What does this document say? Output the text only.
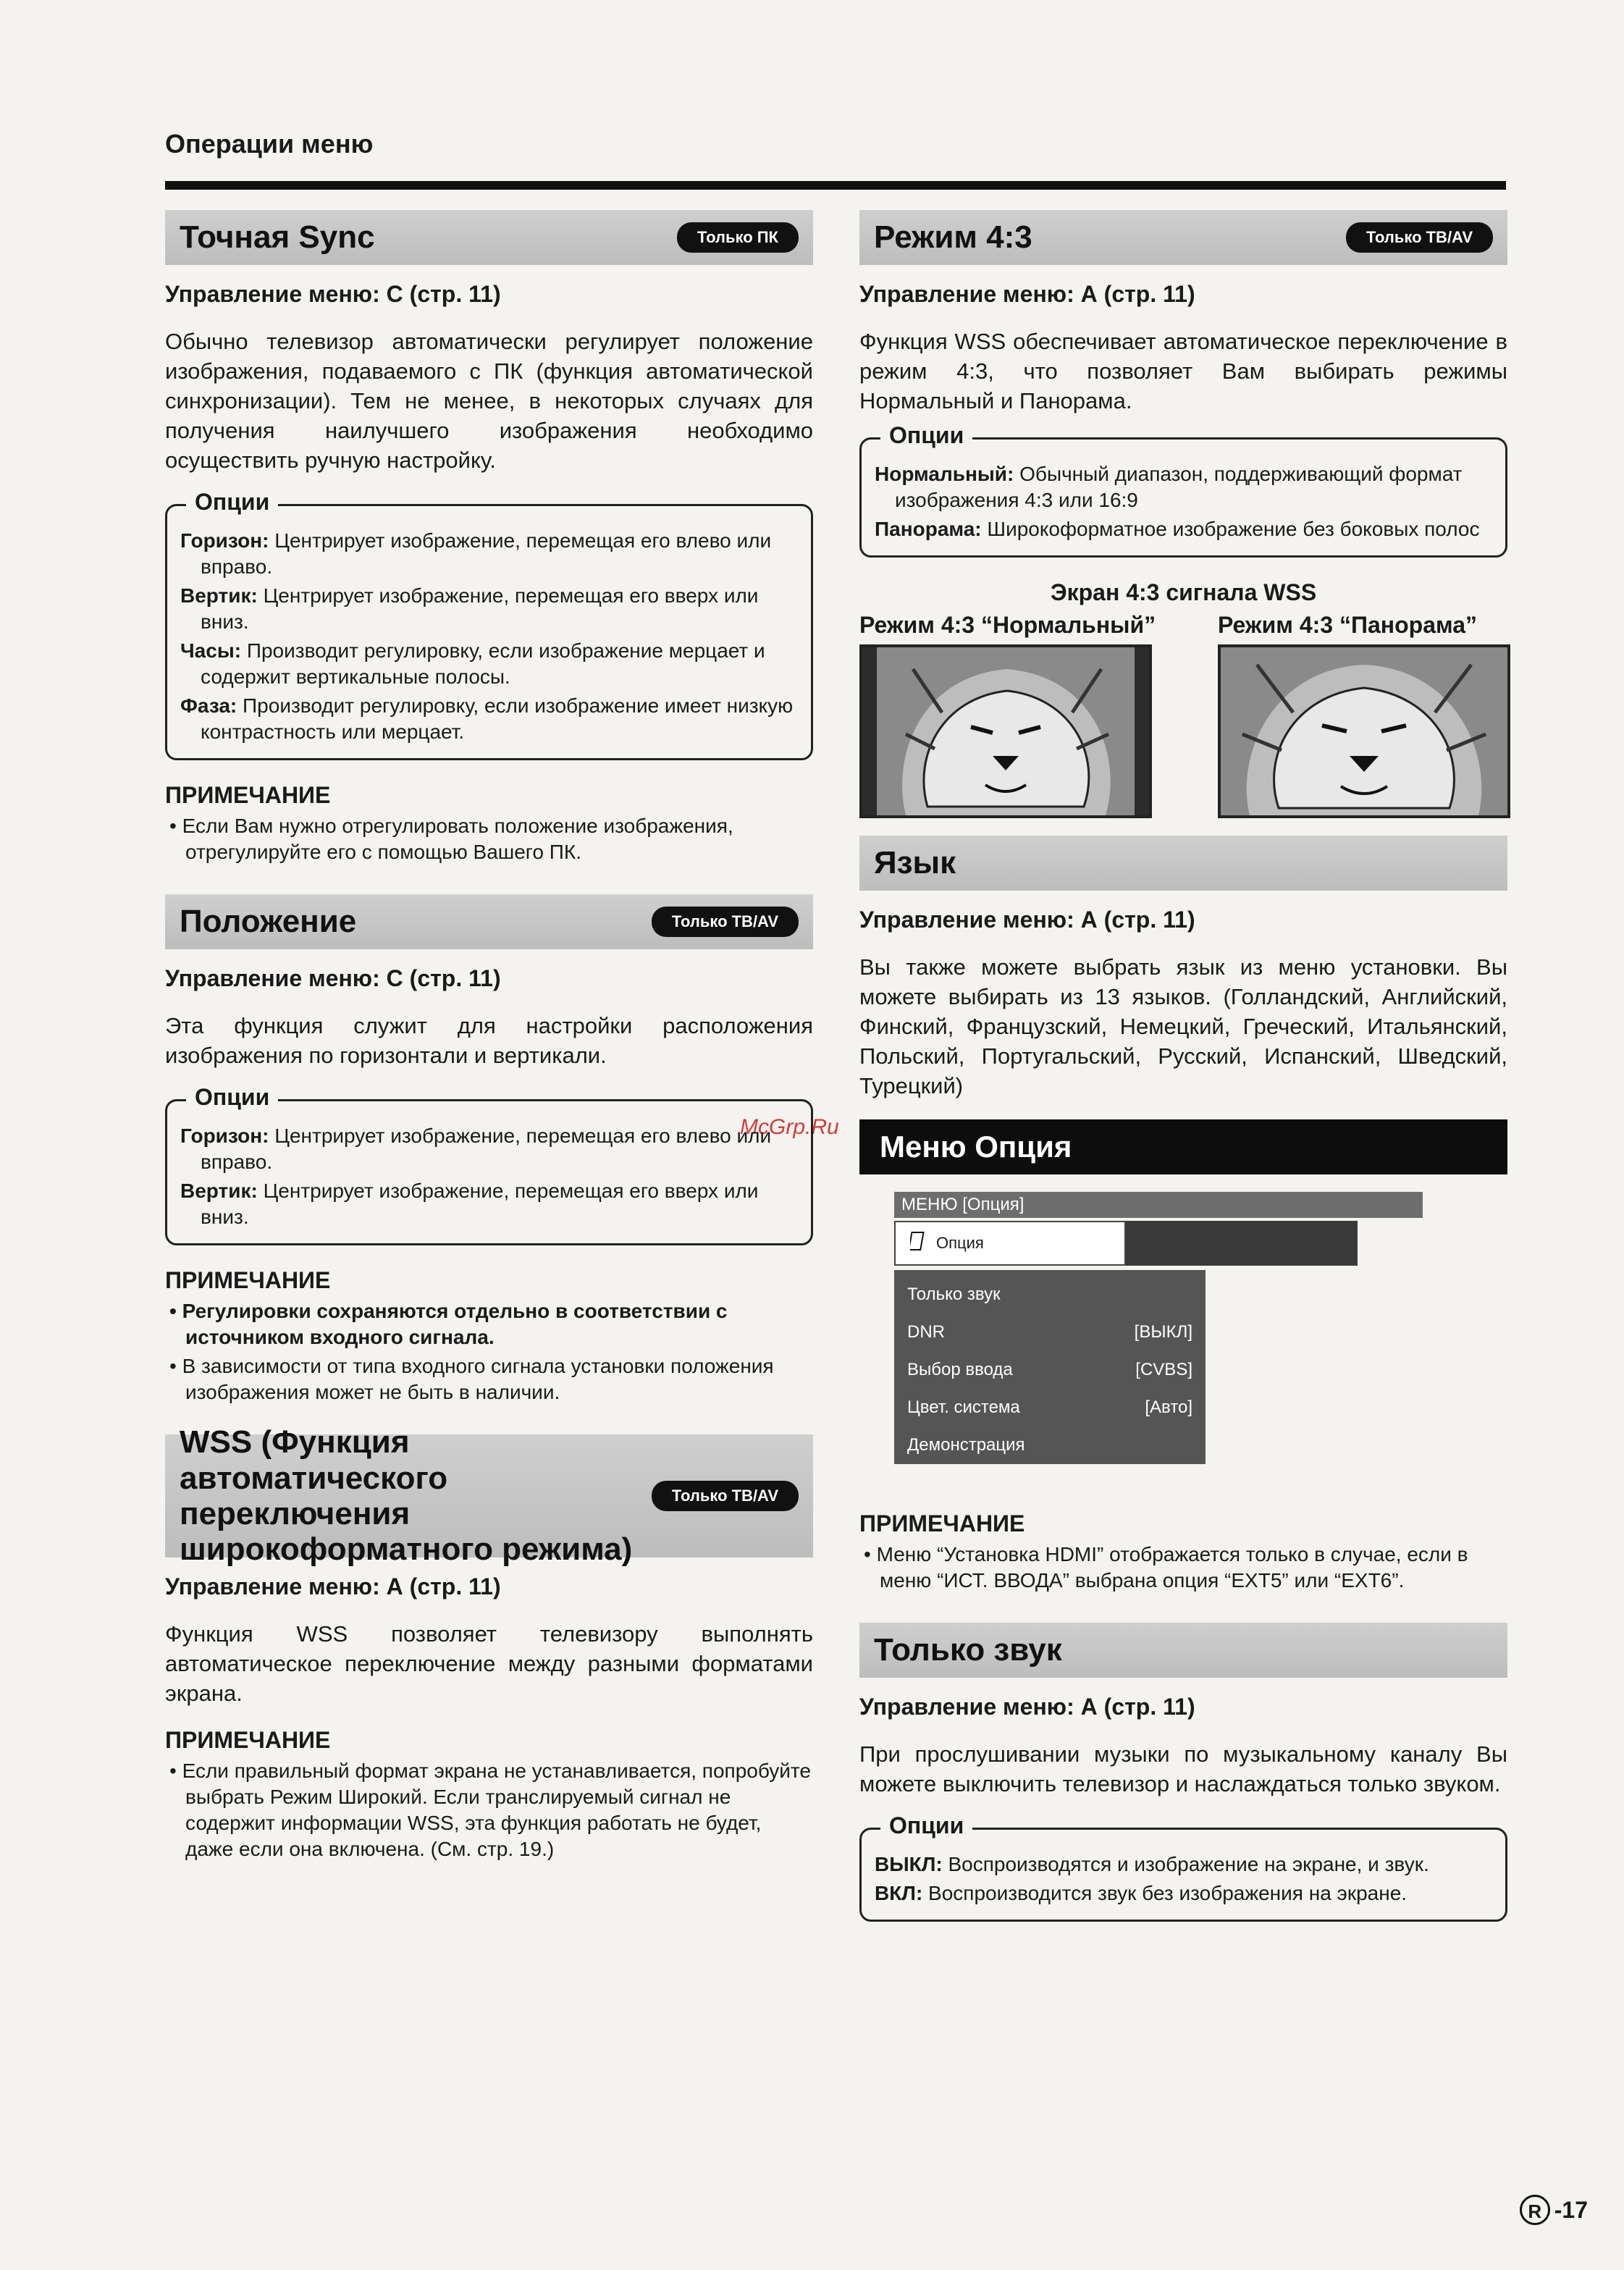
Операции меню
McGrp.Ru
Точная Sync	Только ПК
Управление меню: С (стр. 11)

Обычно телевизор автоматически регулирует положение изображения, подаваемого с ПК (функция автоматической синхронизации). Тем не менее, в некоторых случаях для получения наилучшего изображения необходимо осуществить ручную настройку.

Опции
Горизон: Центрирует изображение, перемещая его влево или вправо.
Вертик: Центрирует изображение, перемещая его вверх или вниз.
Часы: Производит регулировку, если изображение мерцает и содержит вертикальные полосы.
Фаза: Производит регулировку, если изображение имеет низкую контрастность или мерцает.
ПРИМЕЧАНИЕ
• Если Вам нужно отрегулировать положение изображения, отрегулируйте его с помощью Вашего ПК.
Положение	Только ТВ/AV
Управление меню: С (стр. 11)

Эта функция служит для настройки расположения изображения по горизонтали и вертикали.

Опции
Горизон: Центрирует изображение, перемещая его влево или вправо.
Вертик: Центрирует изображение, перемещая его вверх или вниз.
ПРИМЕЧАНИЕ
• Регулировки сохраняются отдельно в соответствии с источником входного сигнала.
• В зависимости от типа входного сигнала установки положения изображения может не быть в наличии.
WSS (Функция автоматического переключения широкоформатного режима)
Только ТВ/AV
Управление меню: А (стр. 11)

Функция WSS позволяет телевизору выполнять автоматическое переключение между разными форматами экрана.

ПРИМЕЧАНИЕ
• Если правильный формат экрана не устанавливается, попробуйте выбрать Режим Широкий. Если транслируемый сигнал не содержит информации WSS, эта функция работать не будет, даже если она включена. (См. стр. 19.)
Режим 4:3	Только ТВ/AV
Управление меню: А (стр. 11)

Функция WSS обеспечивает автоматическое переключение в режим 4:3, что позволяет Вам выбирать режимы Нормальный и Панорама.

Опции
Нормальный: Обычный диапазон, поддерживающий формат изображения 4:3 или 16:9
Панорама: Широкоформатное изображение без боковых полос
Экран 4:3 сигнала WSS
Режим 4:3 “Нормальный”	Режим 4:3 “Панорама”
Язык
Управление меню: А (стр. 11)

Вы также можете выбрать язык из меню установки. Вы можете выбирать из 13 языков. (Голландский, Английский, Финский, Французский, Немецкий, Греческий, Итальянский, Польский, Португальский, Русский, Испанский, Шведский, Турецкий)

Меню Опция
МЕНЮ [Опция]
Опция
Только звук
DNR	[ВЫКЛ]
Выбор ввода	[CVBS]
Цвет. система	[Авто]
Демонстрация
ПРИМЕЧАНИЕ
• Меню “Установка HDMI” отображается только в случае, если в меню “ИСТ. ВВОДА” выбрана опция “EXT5” или “EXT6”.
Только звук
Управление меню: А (стр. 11)

При прослушивании музыки по музыкальному каналу Вы можете выключить телевизор и наслаждаться только звуком.

Опции
ВЫКЛ: Воспроизводятся и изображение на экране, и звук.
ВКЛ: Воспроизводится звук без изображения на экране.
R -17
